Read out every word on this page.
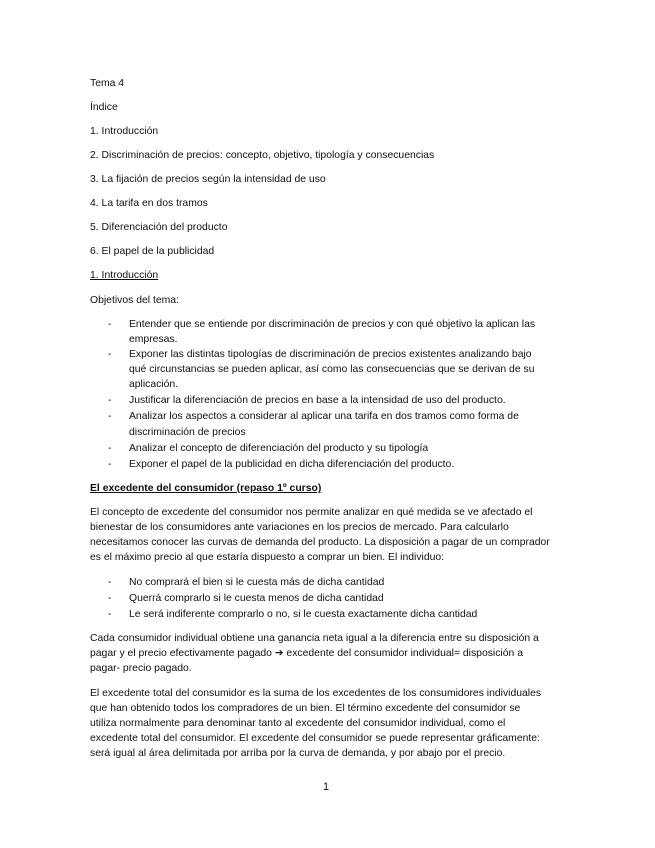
Tema 4
Índice
1. Introducción
2. Discriminación de precios: concepto, objetivo, tipología y consecuencias
3. La fijación de precios según la intensidad de uso
4. La tarifa en dos tramos
5. Diferenciación del producto
6. El papel de la publicidad
1. Introducción
Objetivos del tema:
- Entender que se entiende por discriminación de precios y con qué objetivo la aplican las
empresas.
- Exponer las distintas tipologías de discriminación de precios existentes analizando bajo
qué circunstancias se pueden aplicar, así como las consecuencias que se derivan de su
aplicación.
- Justificar la diferenciación de precios en base a la intensidad de uso del producto.
- Analizar los aspectos a considerar al aplicar una tarifa en dos tramos como forma de
discriminación de precios
- Analizar el concepto de diferenciación del producto y su tipología
- Exponer el papel de la publicidad en dicha diferenciación del producto.
El excedente del consumidor (repaso 1º curso)
El concepto de excedente del consumidor nos permite analizar en qué medida se ve afectado el
bienestar de los consumidores ante variaciones en los precios de mercado. Para calcularlo
necesitamos conocer las curvas de demanda del producto. La disposición a pagar de un comprador
es el máximo precio al que estaría dispuesto a comprar un bien. El individuo:
- No comprará el bien si le cuesta más de dicha cantidad
- Querrá comprarlo si le cuesta menos de dicha cantidad
- Le será indiferente comprarlo o no, si le cuesta exactamente dicha cantidad
Cada consumidor individual obtiene una ganancia neta igual a la diferencia entre su disposición a
pagar y el precio efectivamente pagado ➔ excedente del consumidor individual= disposición a
pagar- precio pagado.
El excedente total del consumidor es la suma de los excedentes de los consumidores individuales
que han obtenido todos los compradores de un bien. El término excedente del consumidor se
utiliza normalmente para denominar tanto al excedente del consumidor individual, como el
excedente total del consumidor. El excedente del consumidor se puede representar gráficamente:
será igual al área delimitada por arriba por la curva de demanda, y por abajo por el precio.
1
